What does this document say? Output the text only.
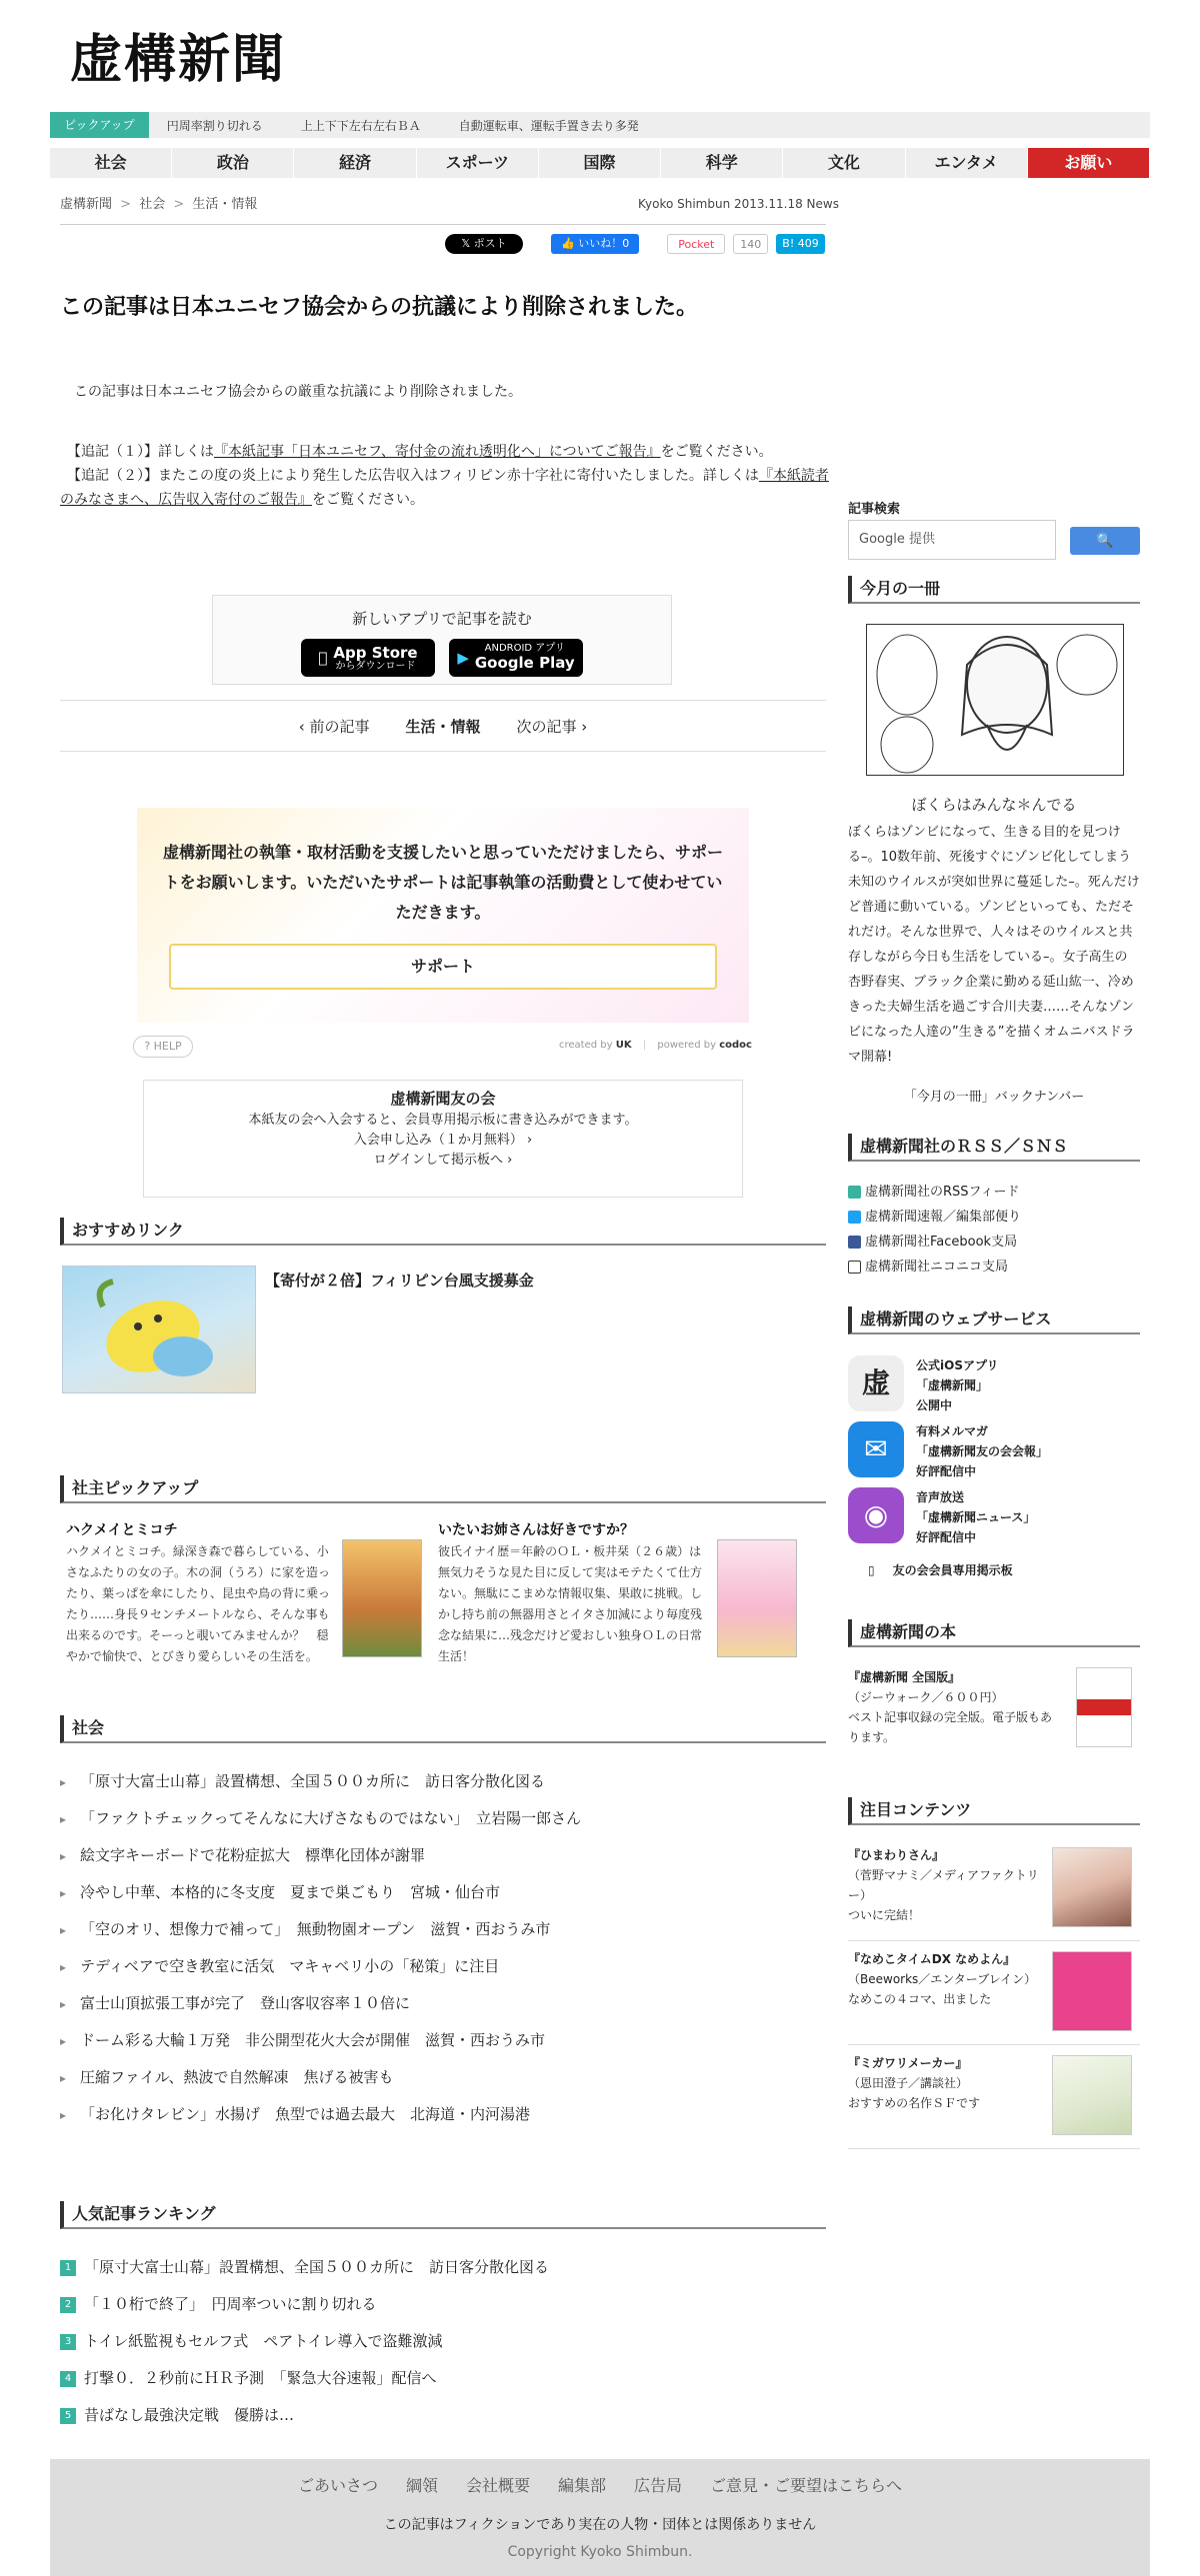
虚構新聞
ピックアップ	円周率割り切れる	上上下下左右左右ＢＡ	自動運転車、運転手置き去り多発
社会	政治	経済	スポーツ	国際	科学	文化	エンタメ	お願い
虚構新聞 > 社会 > 生活・情報	Kyoko Shimbun 2013.11.18 News
𝕏 ポスト	👍 いいね！0	Pocket	140	B! 409
この記事は日本ユニセフ協会からの抗議により削除されました。

　この記事は日本ユニセフ協会からの厳重な抗議により削除されました。

　【追記（１）】詳しくは『本紙記事「日本ユニセフ、寄付金の流れ透明化へ」についてご報告』をご覧ください。

　【追記（２）】またこの度の炎上により発生した広告収入はフィリピン赤十字社に寄付いたしました。詳しくは『本紙読者のみなさまへ、広告収入寄付のご報告』をご覧ください。

新しいアプリで記事を読む
App Store
からダウンロード	▶
ANDROID アプリ
Google Play
‹ 前の記事 生活・情報 次の記事 ›
虚構新聞社の執筆・取材活動を支援したいと思っていただけましたら、サポートをお願いします。いただいたサポートは記事執筆の活動費として使わせていただきます。
サポート
? HELP	created by UK | powered by codoc
虚構新聞友の会
本紙友の会へ入会すると、会員専用掲示板に書き込みができます。
入会申し込み（１か月無料） ›
ログインして掲示板へ ›
おすすめリンク
【寄付が２倍】フィリピン台風支援募金
社主ピックアップ
ハクメイとミコチ
ハクメイとミコチ。緑深き森で暮らしている、小さなふたりの女の子。木の洞（うろ）に家を造ったり、葉っぱを傘にしたり、昆虫や鳥の背に乗ったり……身長９センチメートルなら、そんな事も出来るのです。そーっと覗いてみませんか？　穏やかで愉快で、とびきり愛らしいその生活を。
いたいお姉さんは好きですか？
彼氏イナイ歴＝年齢のＯＬ・板井栞（２６歳）は無気力そうな見た目に反して実はモテたくて仕方ない。無駄にこまめな情報収集、果敢に挑戦。しかし持ち前の無器用さとイタさ加減により毎度残念な結果に…残念だけど愛おしい独身ＯＬの日常生活！
社会
▸ 「原寸大富士山幕」設置構想、全国５００カ所に　訪日客分散化図る
▸ 「ファクトチェックってそんなに大げさなものではない」　立岩陽一郎さん
▸ 絵文字キーボードで花粉症拡大　標準化団体が謝罪
▸ 冷やし中華、本格的に冬支度　夏まで巣ごもり　宮城・仙台市
▸ 「空のオリ、想像力で補って」　無動物園オープン　滋賀・西おうみ市
▸ テディベアで空き教室に活気　マキャベリ小の「秘策」に注目
▸ 富士山頂拡張工事が完了　登山客収容率１０倍に
▸ ドーム彩る大輪１万発　非公開型花火大会が開催　滋賀・西おうみ市
▸ 圧縮ファイル、熱波で自然解凍　焦げる被害も
▸ 「お化けタレビン」水揚げ　魚型では過去最大　北海道・内河湯港
人気記事ランキング
1 「原寸大富士山幕」設置構想、全国５００カ所に　訪日客分散化図る
2 「１０桁で終了」　円周率ついに割り切れる
3 トイレ紙監視もセルフ式　ペアトイレ導入で盗難激減
4 打撃０．２秒前にＨＲ予測　「緊急大谷速報」配信へ
5 昔ばなし最強決定戦　優勝は…
ごあいさつ 綱領 会社概要 編集部 広告局 ご意見・ご要望はこちらへ
この記事はフィクションであり実在の人物・団体とは関係ありません
Copyright Kyoko Shimbun.
記事検索
Google 提供	🔍
今月の一冊
ぼくらはみんな＊んでる
ぼくらはゾンビになって、生きる目的を見つける–。10数年前、死後すぐにゾンビ化してしまう未知のウイルスが突如世界に蔓延した–。死んだけど普通に動いている。ゾンビといっても、ただそれだけ。そんな世界で、人々はそのウイルスと共存しながら今日も生活をしている–。女子高生の杏野春実、ブラック企業に勤める延山紘一、冷めきった夫婦生活を過ごす合川夫妻……そんなゾンビになった人達の”生きる”を描くオムニバスドラマ開幕!
「今月の一冊」バックナンバー
虚構新聞社のＲＳＳ／ＳＮＳ
虚構新聞社のRSSフィード
虚構新聞速報／編集部便り
虚構新聞社Facebook支局
虚構新聞社ニコニコ支局
虚構新聞のウェブサービス
虚
公式iOSアプリ
「虚構新聞」
公開中
✉
有料メルマガ
「虚構新聞友の会会報」
好評配信中
◉
音声放送
「虚構新聞ニュース」
好評配信中
▯ 友の会会員専用掲示板
虚構新聞の本
『虚構新聞 全国版』
（ジーウォーク／６００円）
ベスト記事収録の完全版。電子版もあります。
注目コンテンツ
『ひまわりさん』
（菅野マナミ／メディアファクトリー）
ついに完結！
『なめこタイムDX なめよん』
（Beeworks／エンターブレイン）
なめこの４コマ、出ました
『ミガワリメーカー』
（恩田澄子／講談社）
おすすめの名作ＳＦです
